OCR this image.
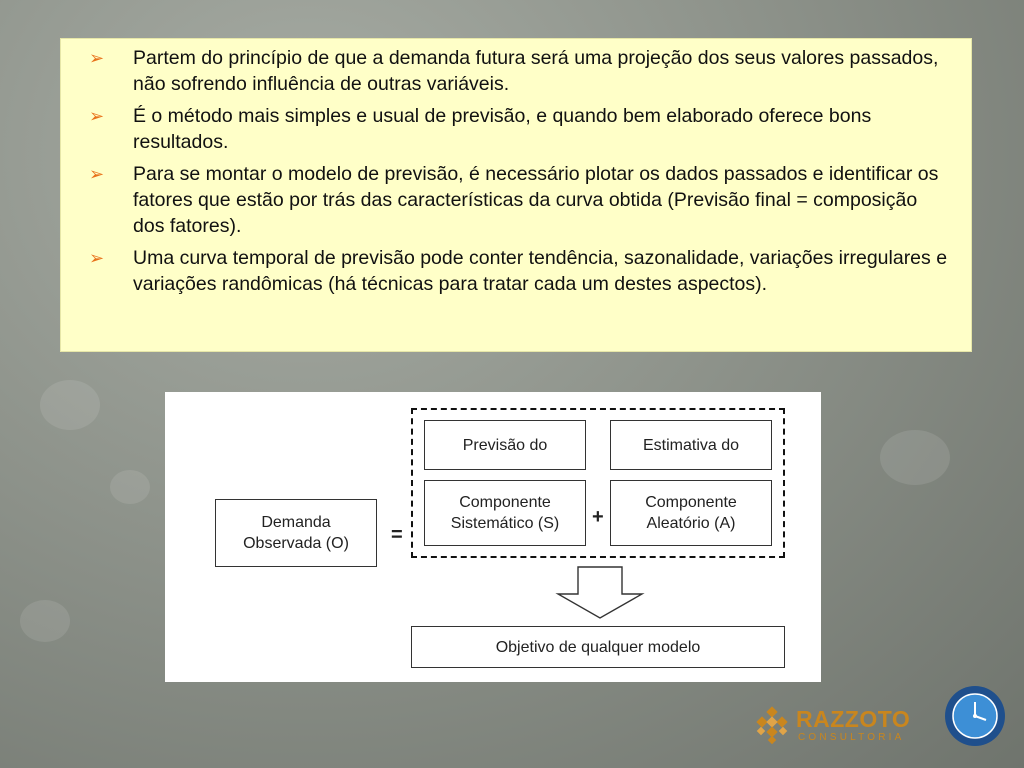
➢ Partem do princípio de que a demanda futura será uma projeção dos seus valores passados, não sofrendo influência de outras variáveis.
➢ É o método mais simples e usual de previsão, e quando bem elaborado oferece bons resultados.
➢ Para se montar o modelo de previsão, é necessário plotar os dados passados e identificar os fatores que estão por trás das características da curva obtida (Previsão final = composição dos fatores).
➢ Uma curva temporal de previsão pode conter tendência, sazonalidade, variações irregulares e variações randômicas (há técnicas para tratar cada um destes aspectos).
Demanda
Observada (O) =
Previsão do	Estimativa do
Componente
Sistemático (S) +
Componente
Aleatório (A)
Objetivo de qualquer modelo
RAZZOTO
CONSULTORIA
